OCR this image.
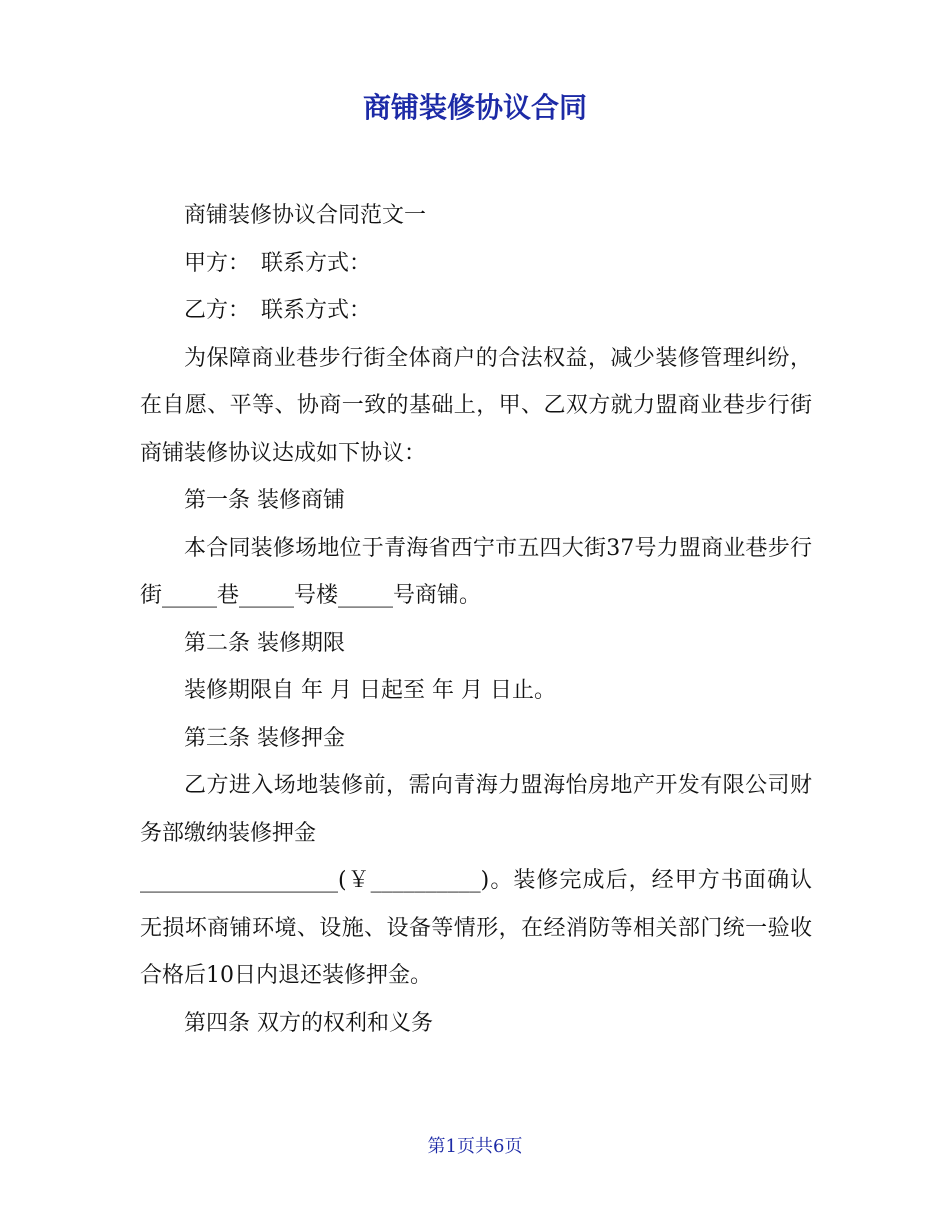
商铺装修协议合同

商铺装修协议合同范文一

甲方：　联系方式：

乙方：　联系方式：

为保障商业巷步行街全体商户的合法权益，减少装修管理纠纷，在自愿、平等、协商一致的基础上，甲、乙双方就力盟商业巷步行街 商铺装修协议达成如下协议：

第一条 装修商铺

本合同装修场地位于青海省西宁市五四大街37号力盟商业巷步行街_____巷_____号楼_____号商铺。

第二条 装修期限

装修期限自 年 月 日起至 年 月 日止。

第三条 装修押金

乙方进入场地装修前，需向青海力盟海怡房地产开发有限公司财务部缴纳装修押金

__________________(￥__________)。装修完成后，经甲方书面确认无损坏商铺环境、设施、设备等情形，在经消防等相关部门统一验收合格后10日内退还装修押金。

第四条 双方的权利和义务

第1页共6页
